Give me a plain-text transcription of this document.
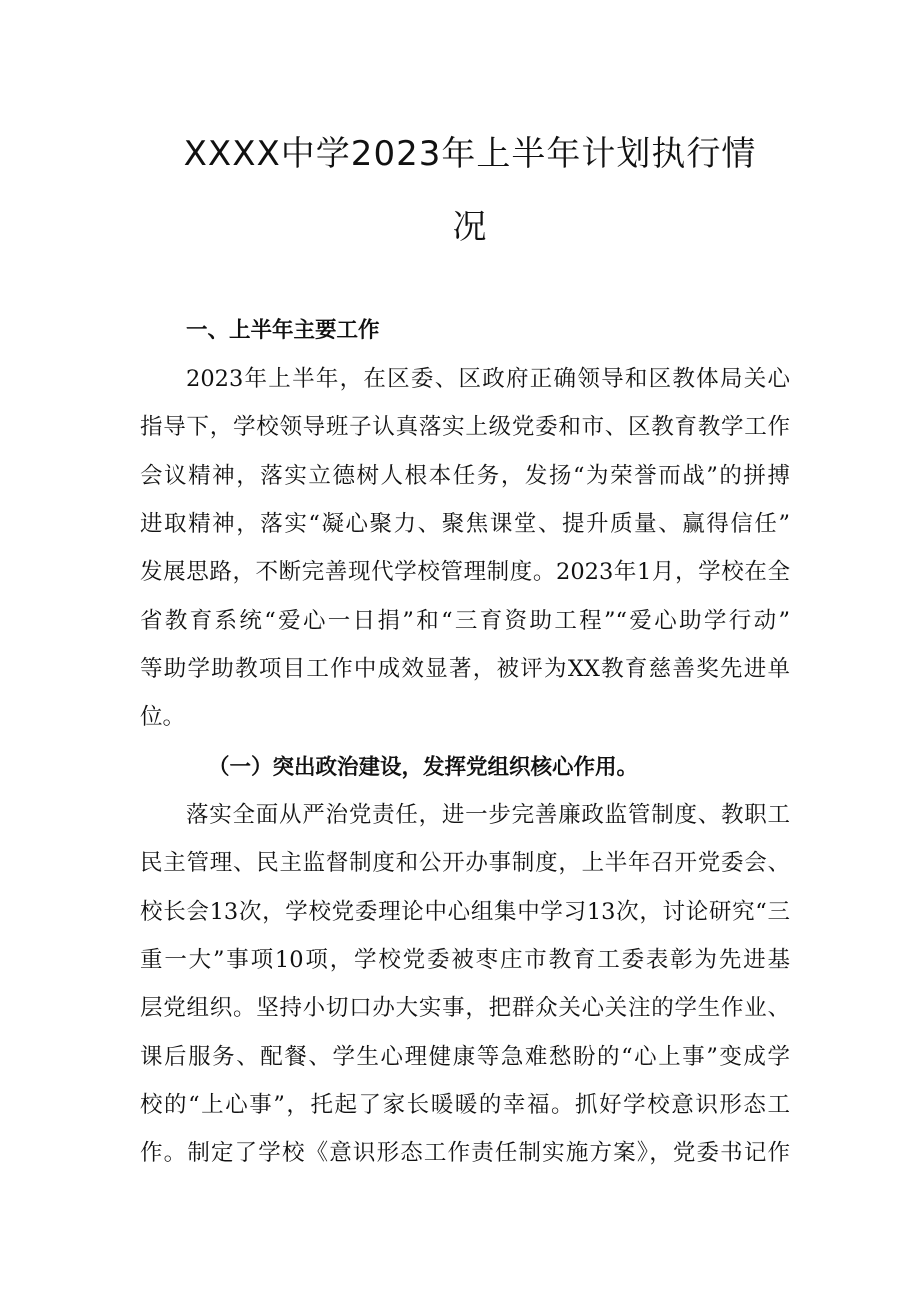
XXXX中学2023年上半年计划执行情
况
一、上半年主要工作
2023年上半年，在区委、区政府正确领导和区教体局关心
指导下，学校领导班子认真落实上级党委和市、区教育教学工作
会议精神，落实立德树人根本任务，发扬“为荣誉而战”的拼搏
进取精神，落实“凝心聚力、聚焦课堂、提升质量、赢得信任”
发展思路，不断完善现代学校管理制度。2023年1月，学校在全
省教育系统“爱心一日捐”和“三育资助工程”“爱心助学行动”
等助学助教项目工作中成效显著，被评为XX教育慈善奖先进单
位。
（一）突出政治建设，发挥党组织核心作用。
落实全面从严治党责任，进一步完善廉政监管制度、教职工
民主管理、民主监督制度和公开办事制度，上半年召开党委会、
校长会13次，学校党委理论中心组集中学习13次，讨论研究“三
重一大”事项10项，学校党委被枣庄市教育工委表彰为先进基
层党组织。坚持小切口办大实事，把群众关心关注的学生作业、
课后服务、配餐、学生心理健康等急难愁盼的“心上事”变成学
校的“上心事”，托起了家长暖暖的幸福。抓好学校意识形态工
作。制定了学校《意识形态工作责任制实施方案》，党委书记作
